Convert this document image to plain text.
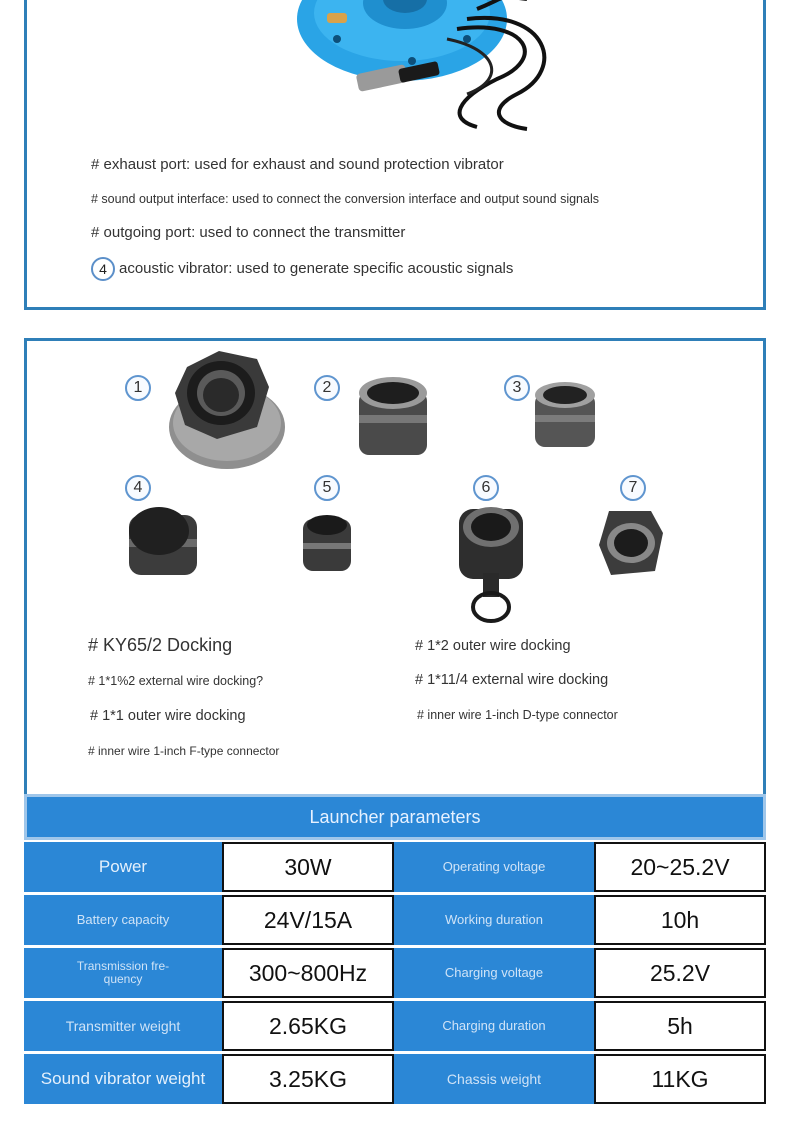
# exhaust port: used for exhaust and sound protection vibrator
# sound output interface: used to connect the conversion interface and output sound signals
# outgoing port: used to connect the transmitter
4 acoustic vibrator: used to generate specific acoustic signals
1	2	3
4	5	6	7
# KY65/2 Docking
# 1*1%2 external wire docking?
# 1*1 outer wire docking
# inner wire 1-inch F-type connector
# 1*2 outer wire docking
# 1*11/4 external wire docking
# inner wire 1-inch D-type connector
Launcher parameters
Power	30W	Operating voltage	20~25.2V
Battery capacity	24V/15A	Working duration	10h
Transmission fre-
quency	300~800Hz	Charging voltage	25.2V
Transmitter weight	2.65KG	Charging duration	5h
Sound vibrator weight	3.25KG	Chassis weight	11KG
